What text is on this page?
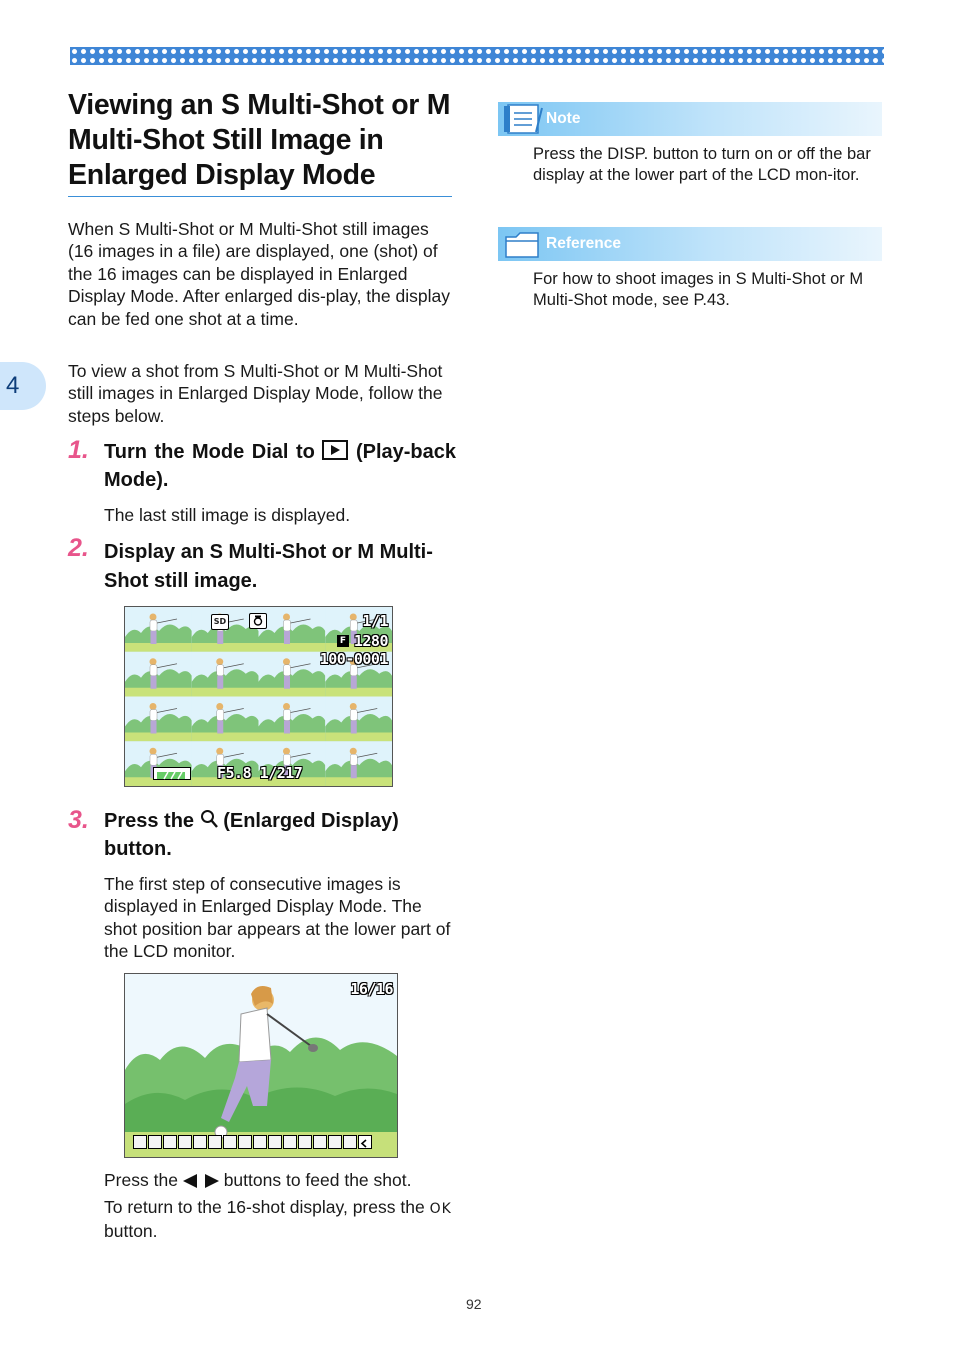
4
Viewing an S Multi-Shot or M Multi-Shot Still Image in Enlarged Display Mode

When S Multi-Shot or M Multi-Shot still images (16 images in a file) are displayed, one (shot) of the 16 images can be displayed in Enlarged Display Mode. After enlarged dis-play, the display can be fed one shot at a time.

To view a shot from S Multi-Shot or M Multi-Shot still images in Enlarged Display Mode, follow the steps below.

1. Turn the Mode Dial to (Play-back Mode).

The last still image is displayed.

2. Display an S Multi-Shot or M Multi-Shot still image.

SD	1/1
F 1280
100-0001
F5.8 1/217
3. Press the (Enlarged Display) button.

The first step of consecutive images is displayed in Enlarged Display Mode. The shot position bar appears at the lower part of the LCD monitor.

16/16

Press the	buttons to feed the shot.

To return to the 16-shot display, press the OK button.

Note

Press the DISP. button to turn on or off the bar display at the lower part of the LCD mon-itor.

Reference

For how to shoot images in S Multi-Shot or M Multi-Shot mode, see P.43.

92
